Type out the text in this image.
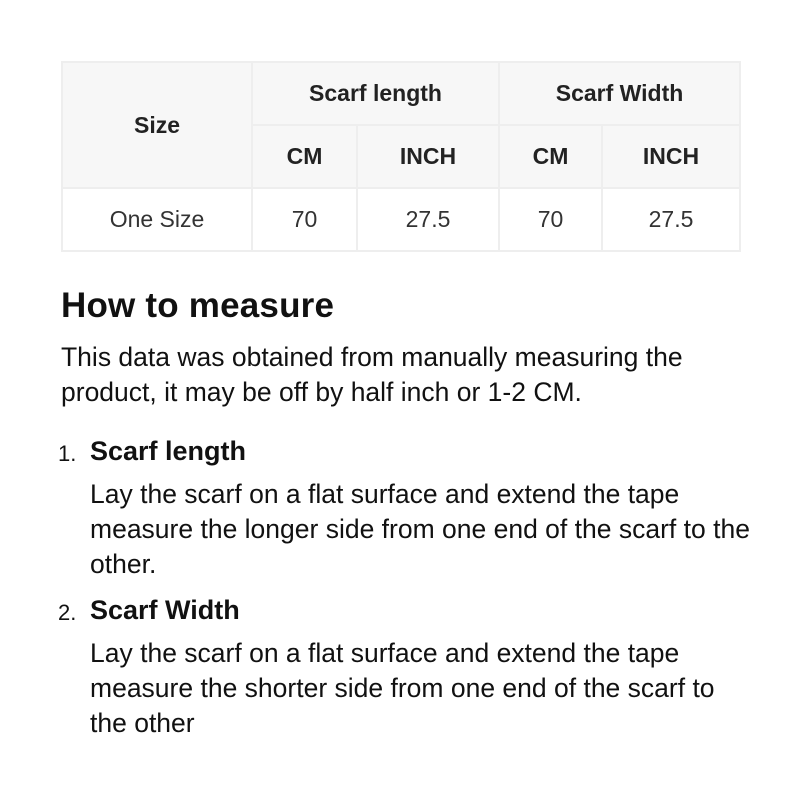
Size	Scarf length		Scarf Width	
	CM	INCH	CM	INCH
One Size	70	27.5	70	27.5
How to measure

This data was obtained from manually measuring the product, it may be off by half inch or 1-2 CM.

1. Scarf length
Lay the scarf on a flat surface and extend the tape measure the longer side from one end of the scarf to the other.
2. Scarf Width
Lay the scarf on a flat surface and extend the tape measure the shorter side from one end of the scarf to the other
